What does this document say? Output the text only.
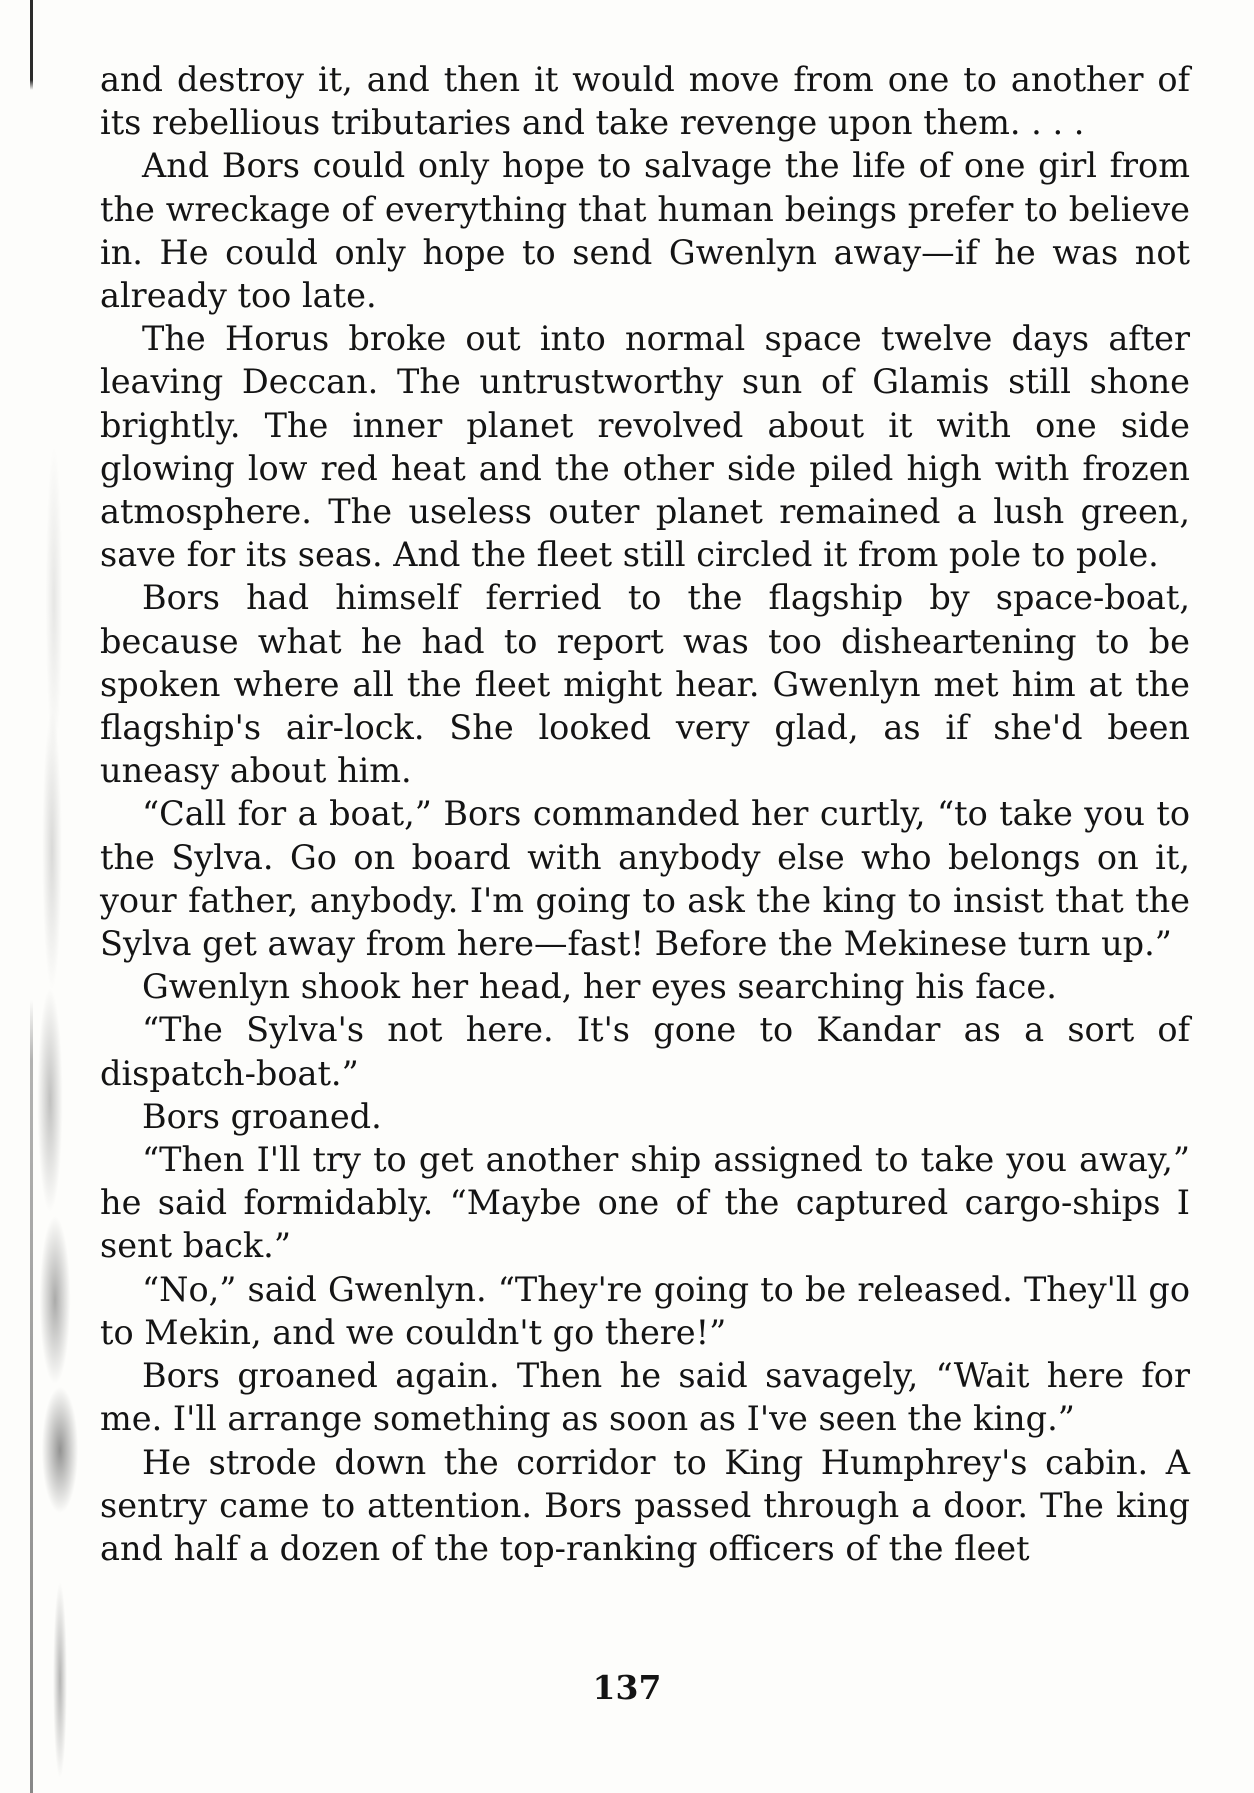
and destroy it, and then it would move from one to another of its rebellious tributaries and take revenge upon them. . . .

And Bors could only hope to salvage the life of one girl from the wreckage of everything that human beings prefer to believe in. He could only hope to send Gwenlyn away—if he was not already too late.

The Horus broke out into normal space twelve days after leaving Deccan. The untrustworthy sun of Glamis still shone brightly. The inner planet revolved about it with one side glowing low red heat and the other side piled high with frozen atmosphere. The useless outer planet remained a lush green, save for its seas. And the fleet still circled it from pole to pole.

Bors had himself ferried to the flagship by space-boat, because what he had to report was too disheartening to be spoken where all the fleet might hear. Gwenlyn met him at the flagship's air-lock. She looked very glad, as if she'd been uneasy about him.

“Call for a boat,” Bors commanded her curtly, “to take you to the Sylva. Go on board with anybody else who belongs on it, your father, anybody. I'm going to ask the king to insist that the Sylva get away from here—fast! Before the Mekinese turn up.”

Gwenlyn shook her head, her eyes searching his face.

“The Sylva's not here. It's gone to Kandar as a sort of dispatch-boat.”

Bors groaned.

“Then I'll try to get another ship assigned to take you away,” he said formidably. “Maybe one of the captured cargo-ships I sent back.”

“No,” said Gwenlyn. “They're going to be released. They'll go to Mekin, and we couldn't go there!”

Bors groaned again. Then he said savagely, “Wait here for me. I'll arrange something as soon as I've seen the king.”

He strode down the corridor to King Humphrey's cabin. A sentry came to attention. Bors passed through a door. The king and half a dozen of the top-ranking officers of the fleet

137
